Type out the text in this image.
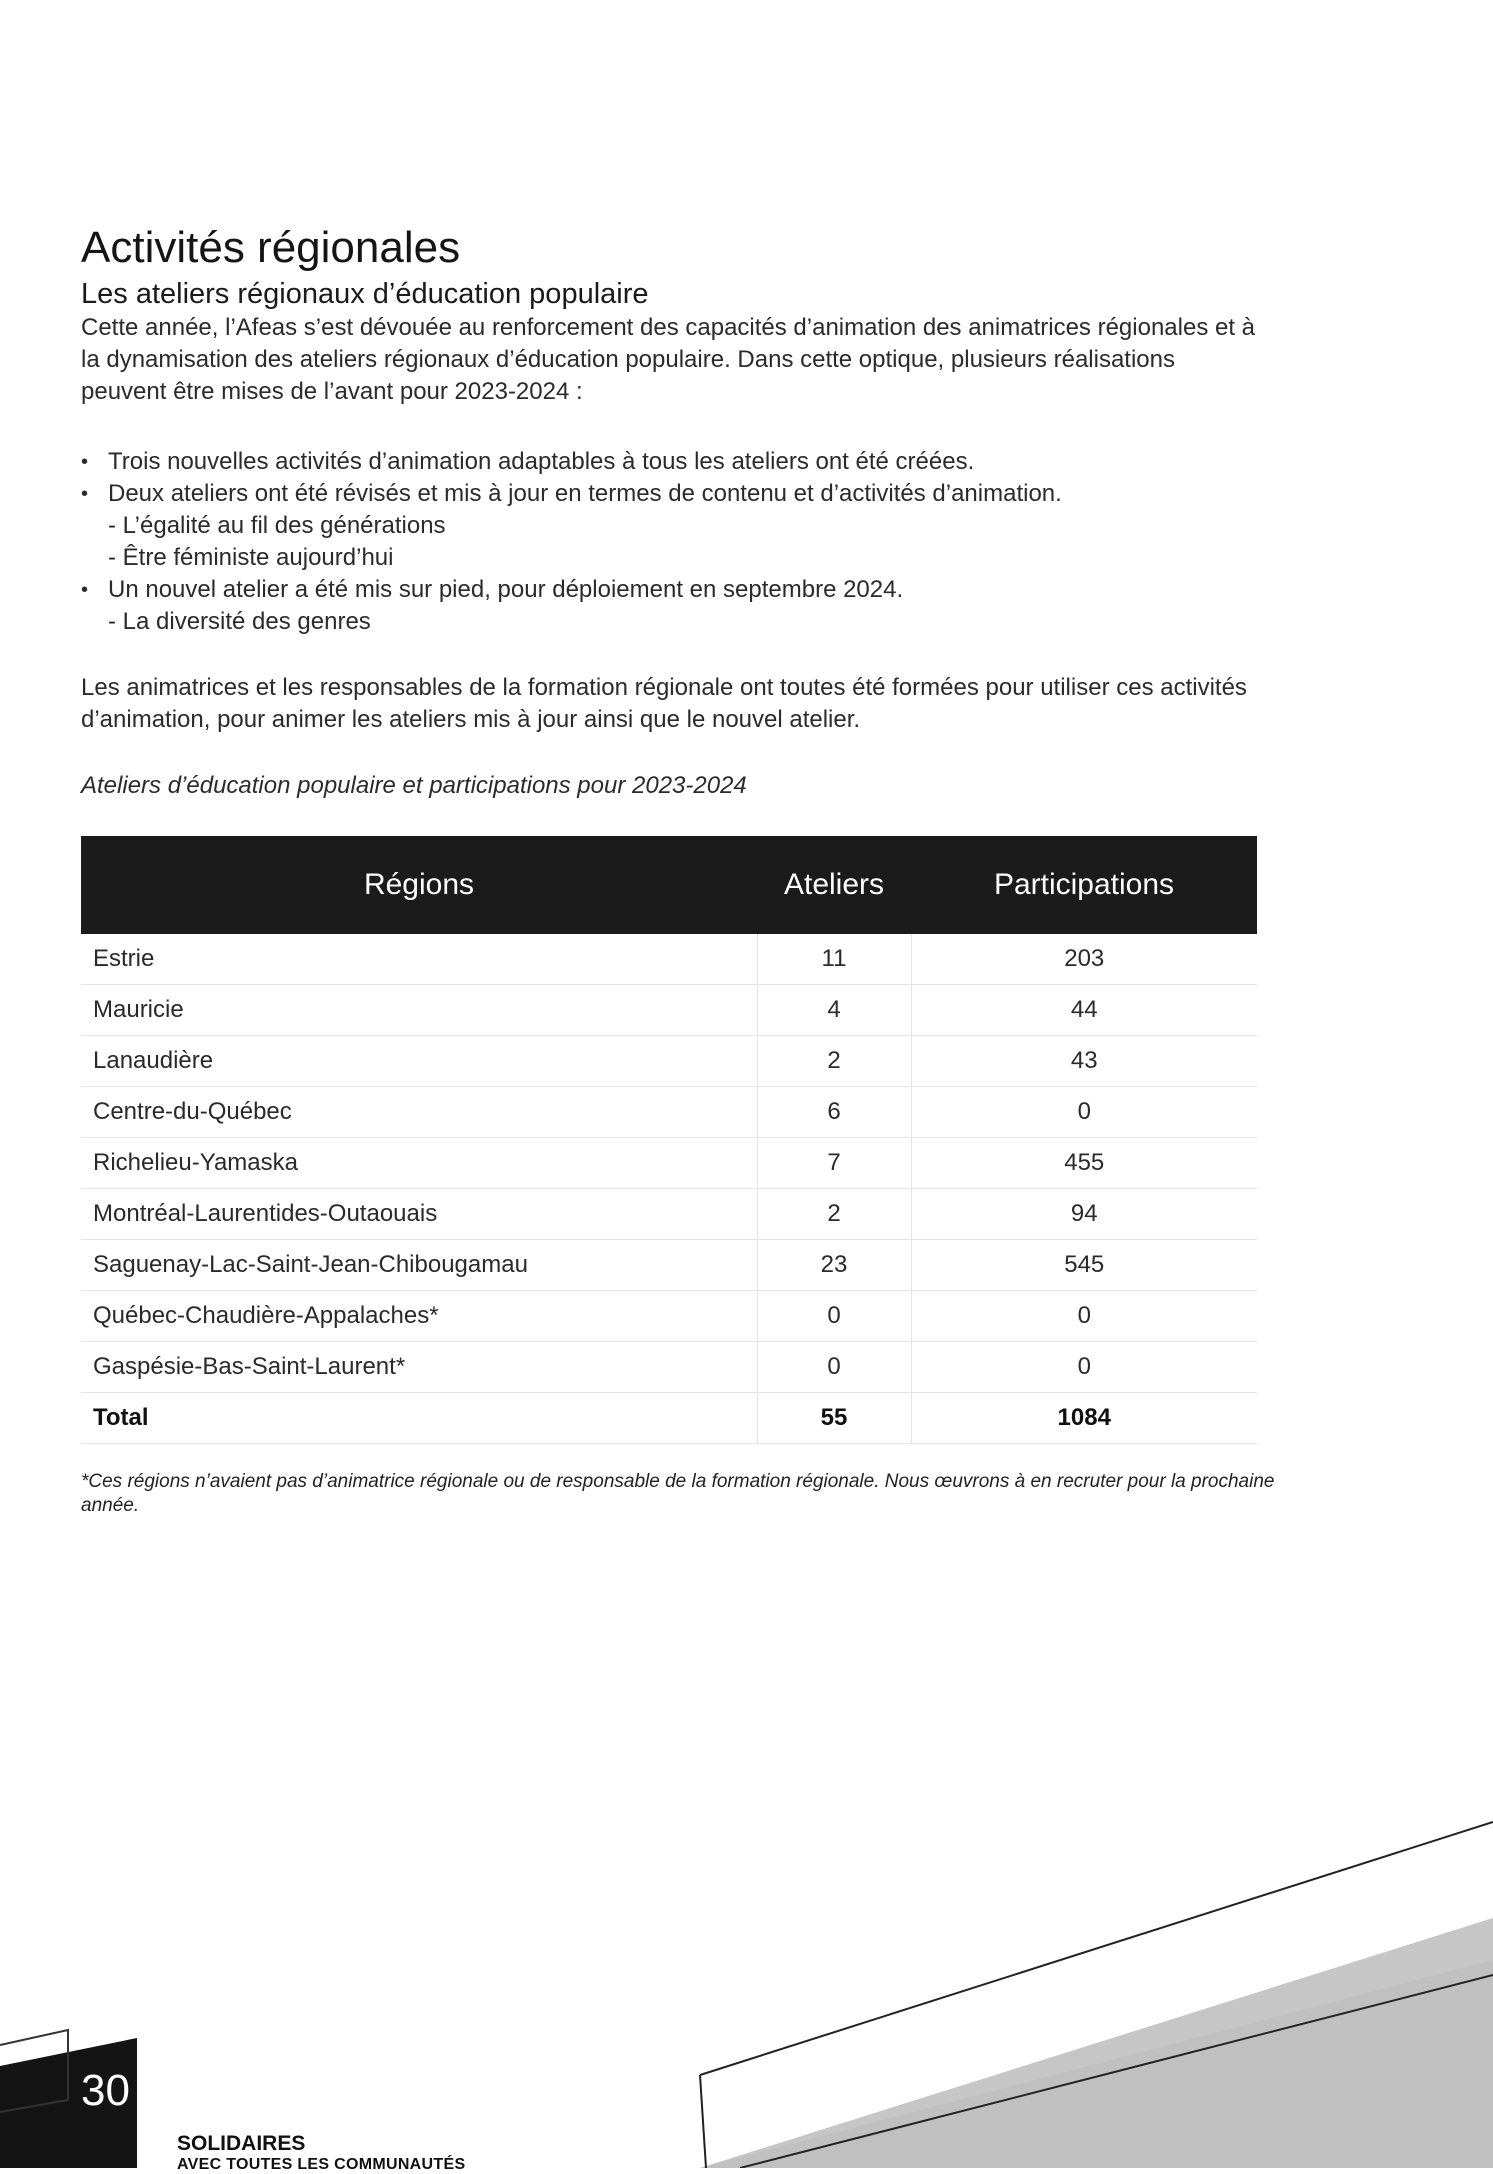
30
SOLIDAIRES
AVEC TOUTES LES COMMUNAUTÉS
Activités régionales
Les ateliers régionaux d’éducation populaire

Cette année, l’Afeas s’est dévouée au renforcement des capacités d’animation des animatrices régionales et à la dynamisation des ateliers régionaux d’éducation populaire. Dans cette optique, plusieurs réalisations peuvent être mises de l’avant pour 2023-2024 :

• Trois nouvelles activités d’animation adaptables à tous les ateliers ont été créées.
• Deux ateliers ont été révisés et mis à jour en termes de contenu et d’activités d’animation.
- L’égalité au fil des générations
- Être féministe aujourd’hui
• Un nouvel atelier a été mis sur pied, pour déploiement en septembre 2024.
- La diversité des genres

Les animatrices et les responsables de la formation régionale ont toutes été formées pour utiliser ces activités d’animation, pour animer les ateliers mis à jour ainsi que le nouvel atelier.

Ateliers d’éducation populaire et participations pour 2023-2024
Régions	Ateliers	Participations
Estrie	11	203
Mauricie	4	44
Lanaudière	2	43
Centre-du-Québec	6	0
Richelieu-Yamaska	7	455
Montréal-Laurentides-Outaouais	2	94
Saguenay-Lac-Saint-Jean-Chibougamau	23	545
Québec-Chaudière-Appalaches*	0	0
Gaspésie-Bas-Saint-Laurent*	0	0
Total	55	1084
*Ces régions n’avaient pas d’animatrice régionale ou de responsable de la formation régionale. Nous œuvrons à en recruter pour la prochaine année.
